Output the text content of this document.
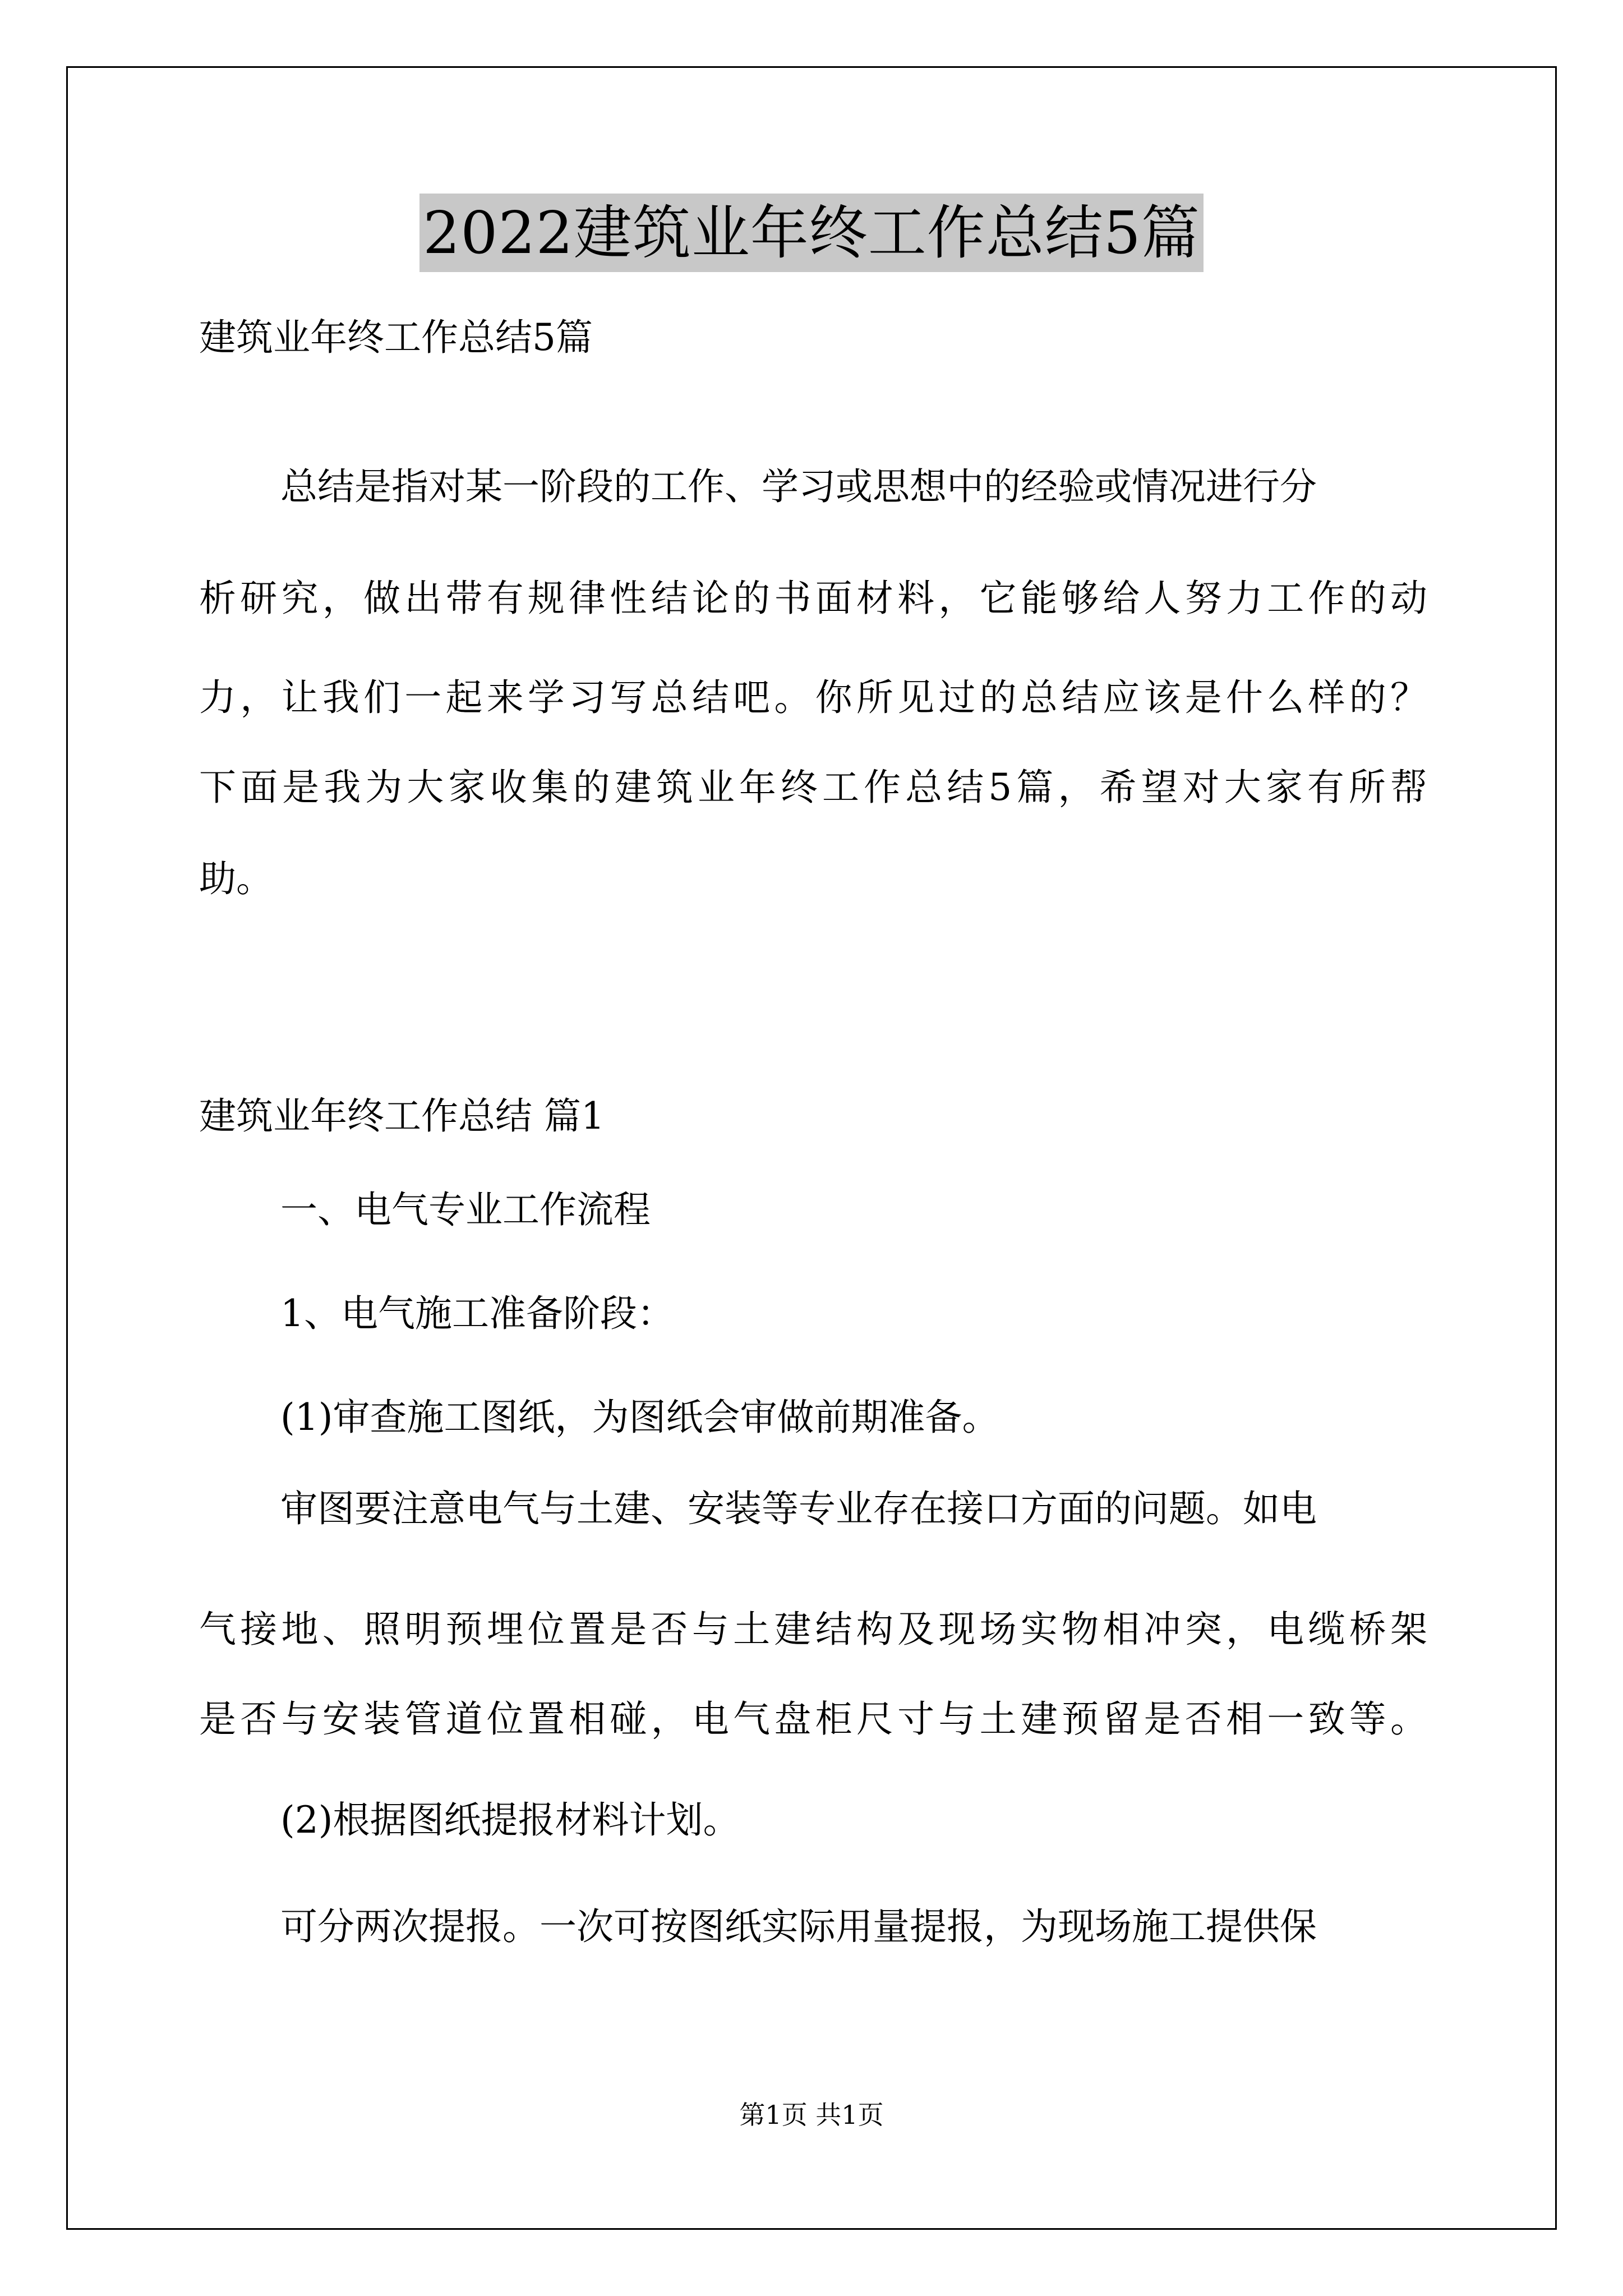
2022建筑业年终工作总结5篇
建筑业年终工作总结5篇
总结是指对某一阶段的工作、学习或思想中的经验或情况进行分
析研究，做出带有规律性结论的书面材料，它能够给人努力工作的动
力，让我们一起来学习写总结吧。你所见过的总结应该是什么样的？
下面是我为大家收集的建筑业年终工作总结5篇，希望对大家有所帮
助。
建筑业年终工作总结 篇1
一、电气专业工作流程
1、电气施工准备阶段：
(1)审查施工图纸，为图纸会审做前期准备。
审图要注意电气与土建、安装等专业存在接口方面的问题。如电
气接地、照明预埋位置是否与土建结构及现场实物相冲突，电缆桥架
是否与安装管道位置相碰，电气盘柜尺寸与土建预留是否相一致等。
(2)根据图纸提报材料计划。
可分两次提报。一次可按图纸实际用量提报，为现场施工提供保
第1页 共1页
